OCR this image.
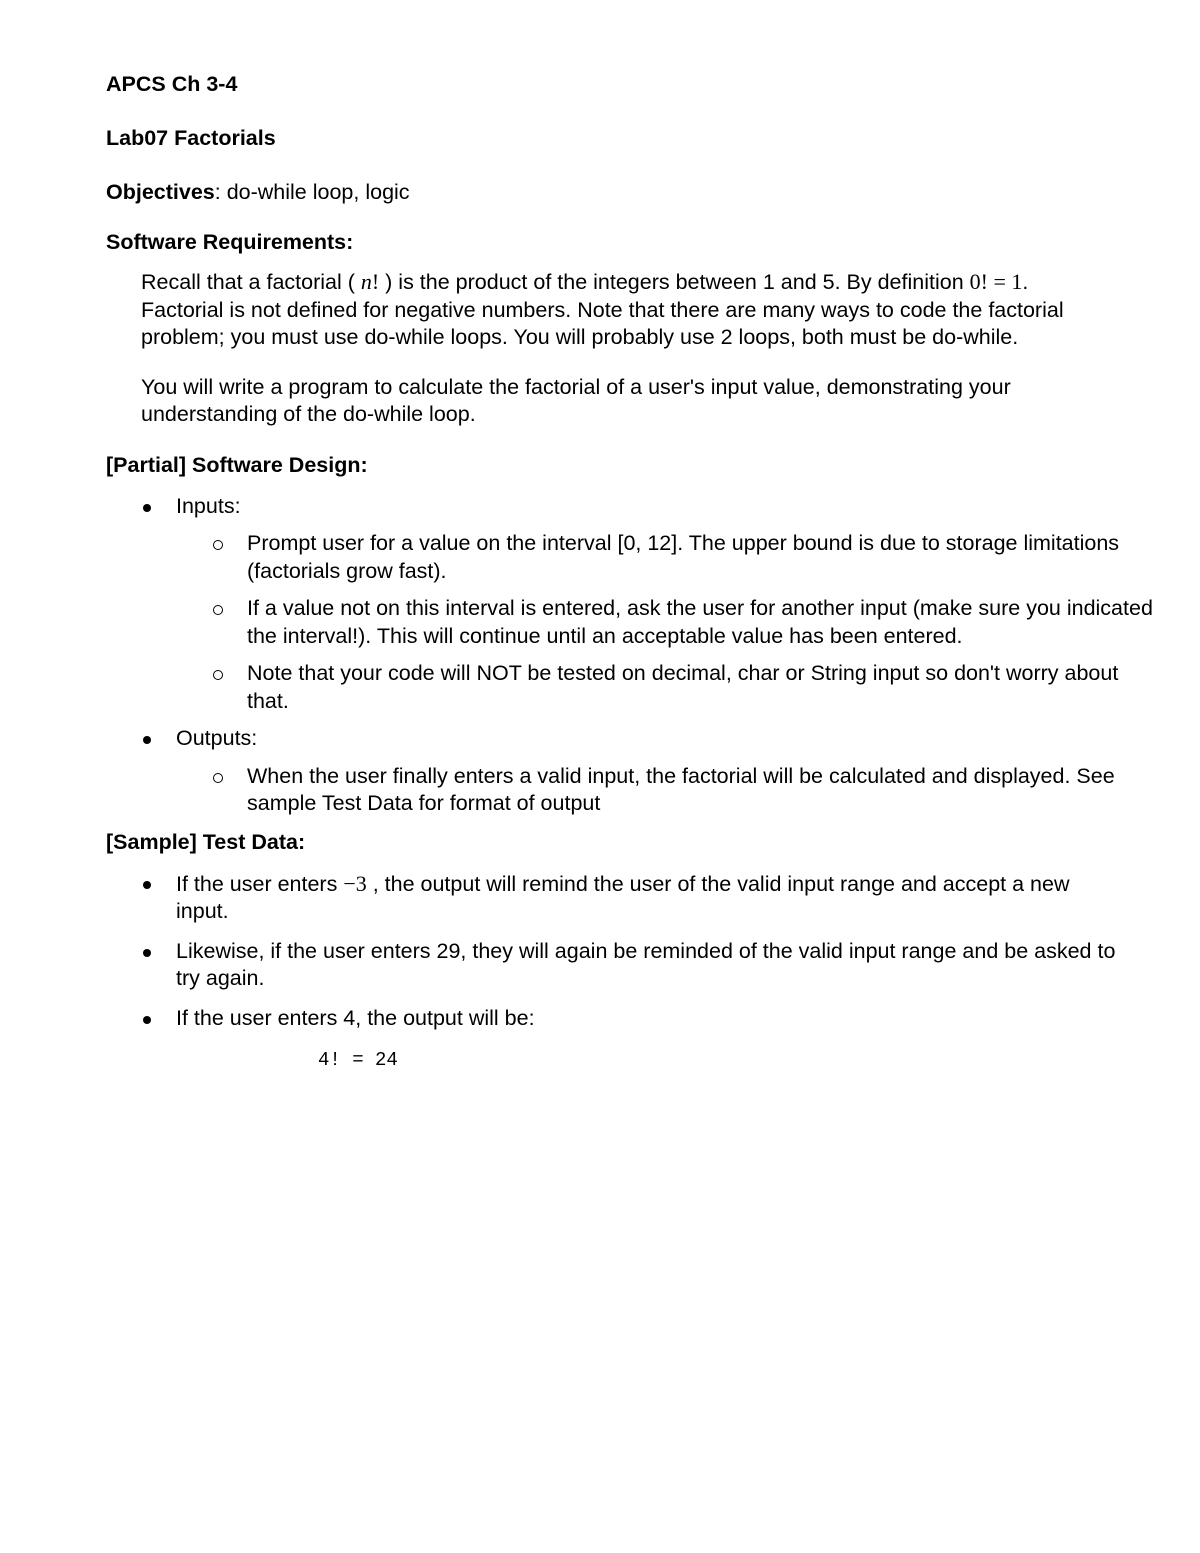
APCS Ch 3-4

Lab07 Factorials

Objectives: do-while loop, logic

Software Requirements:

Recall that a factorial ( n! ) is the product of the integers between 1 and 5. By definition 0! = 1. Factorial is not defined for negative numbers. Note that there are many ways to code the factorial problem; you must use do-while loops. You will probably use 2 loops, both must be do-while.
You will write a program to calculate the factorial of a user's input value, demonstrating your understanding of the do-while loop.

[Partial] Software Design:

Inputs:
Prompt user for a value on the interval [0, 12]. The upper bound is due to storage limitations (factorials grow fast).
If a value not on this interval is entered, ask the user for another input (make sure you indicated the interval!). This will continue until an acceptable value has been entered.
Note that your code will NOT be tested on decimal, char or String input so don't worry about that.
Outputs:
When the user finally enters a valid input, the factorial will be calculated and displayed. See sample Test Data for format of output

[Sample] Test Data:

If the user enters −3 , the output will remind the user of the valid input range and accept a new input.
Likewise, if the user enters 29, they will again be reminded of the valid input range and be asked to try again.
If the user enters 4, the output will be:
4! = 24
